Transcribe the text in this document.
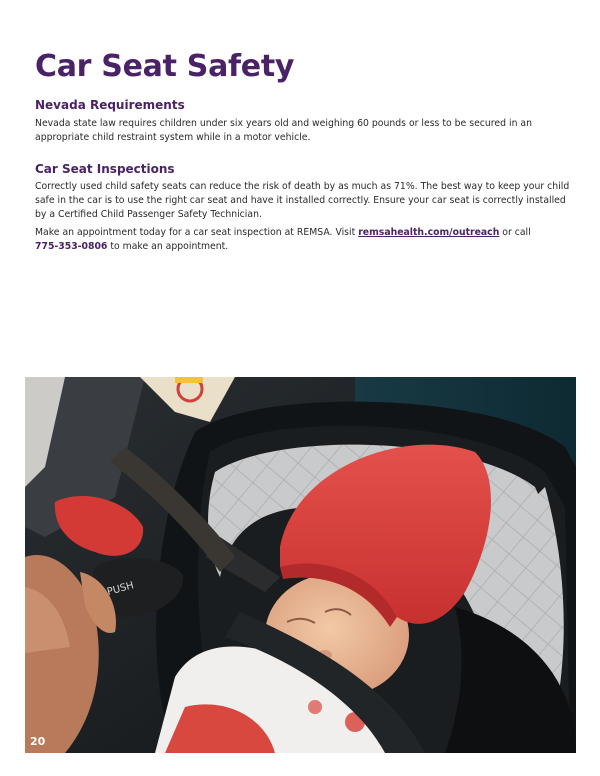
Car Seat Safety
Nevada Requirements

Nevada state law requires children under six years old and weighing 60 pounds or less to be secured in an appropriate child restraint system while in a motor vehicle.

Car Seat Inspections

Correctly used child safety seats can reduce the risk of death by as much as 71%. The best way to keep your child safe in the car is to use the right car seat and have it installed correctly. Ensure your car seat is correctly installed by a Certified Child Passenger Safety Technician.

Make an appointment today for a car seat inspection at REMSA. Visit remsahealth.com/outreach or call
775-353-0806 to make an appointment.

PUSH
20
